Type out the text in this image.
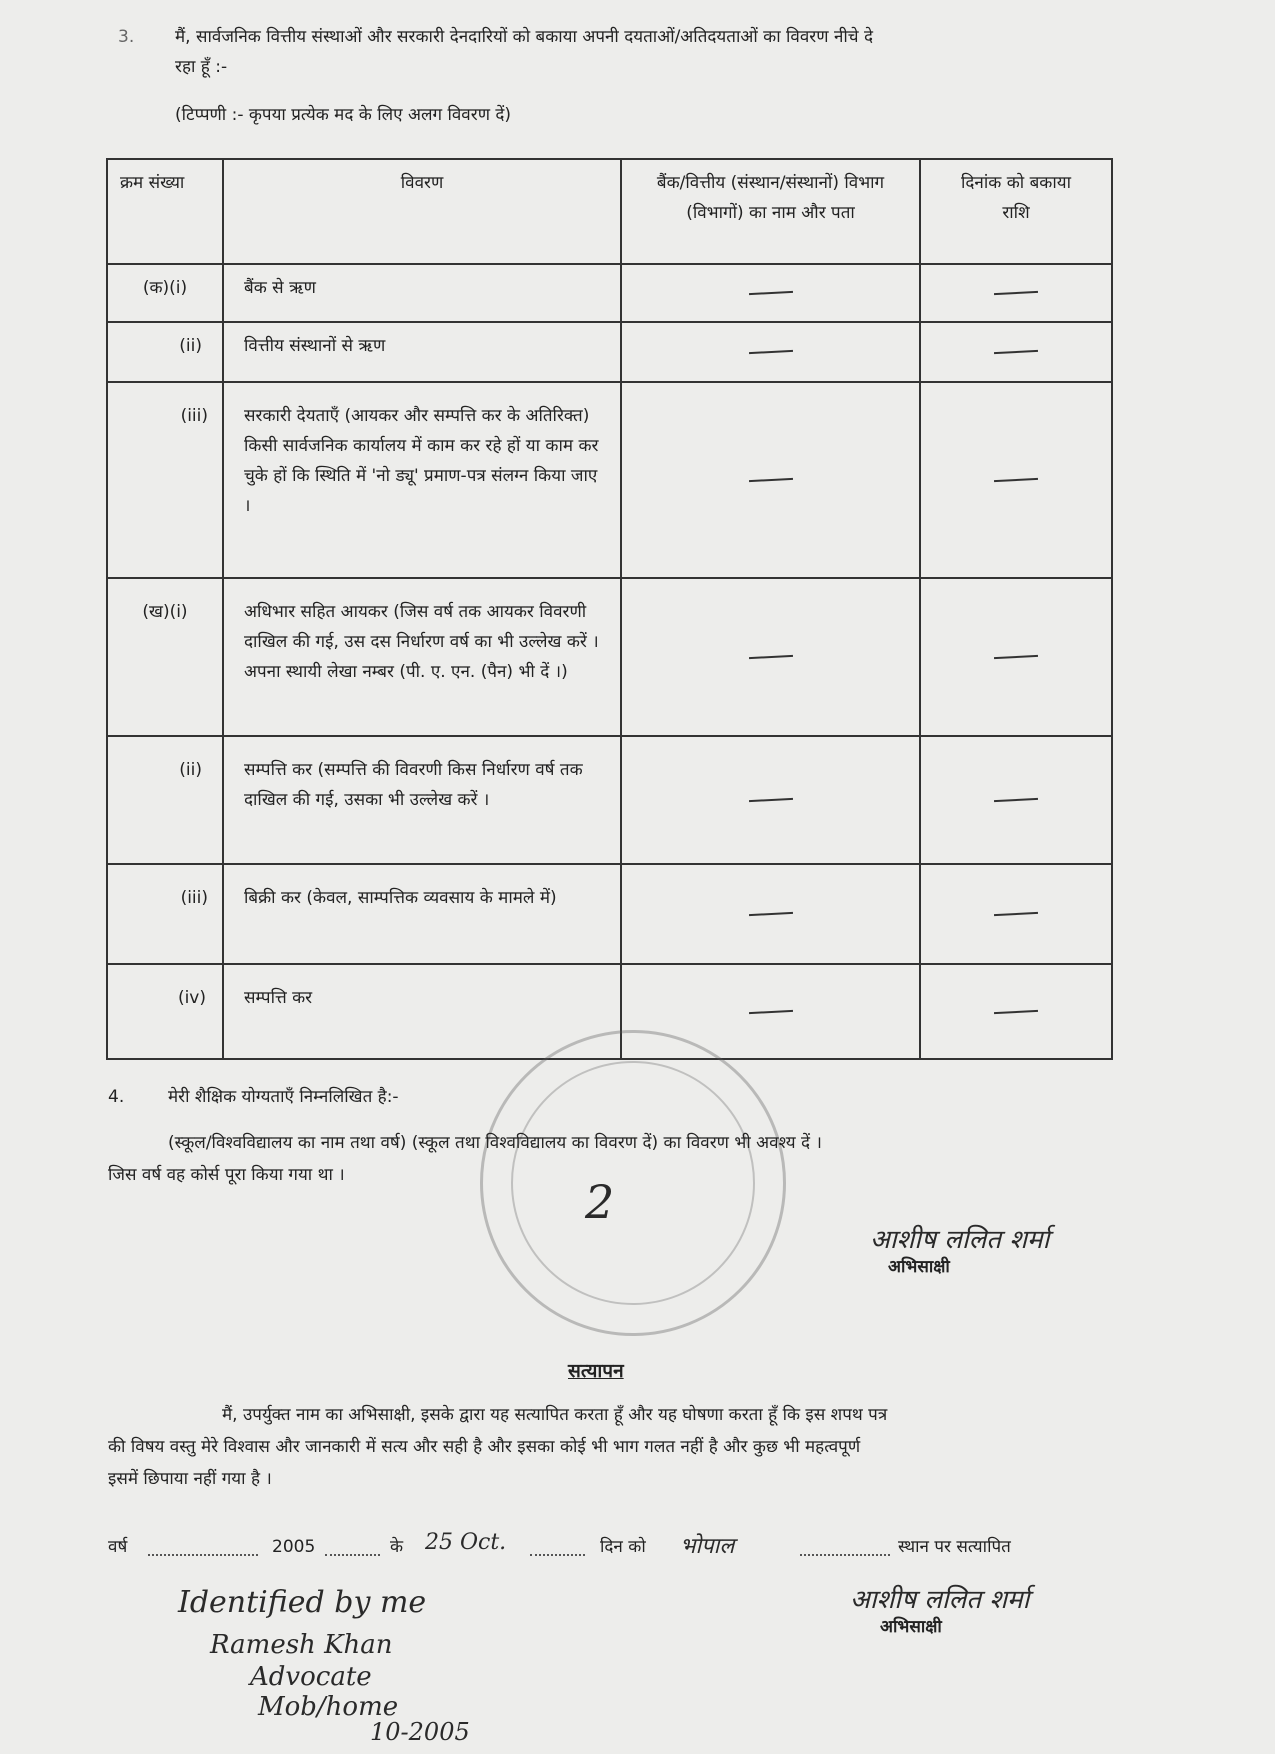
3. मैं, सार्वजनिक वित्तीय संस्थाओं और सरकारी देनदारियों को बकाया अपनी दयताओं/अतिदयताओं का विवरण नीचे दे
रहा हूँ :-
(टिप्पणी :- कृपया प्रत्येक मद के लिए अलग विवरण दें)
क्रम संख्या	विवरण	बैंक/वित्तीय (संस्थान/संस्थानों) विभाग (विभागों) का नाम और पता	दिनांक को बकाया राशि
(क)(i)	बैंक से ऋण	

(ii)	वित्तीय संस्थानों से ऋण	

(iii)	सरकारी देयताएँ (आयकर और सम्पत्ति कर के अतिरिक्त) किसी सार्वजनिक कार्यालय में काम कर रहे हों या काम कर चुके हों कि स्थिति में 'नो ड्यू' प्रमाण-पत्र संलग्न किया जाए ।	

(ख)(i)	अधिभार सहित आयकर (जिस वर्ष तक आयकर विवरणी दाखिल की गई, उस दस निर्धारण वर्ष का भी उल्लेख करें । अपना स्थायी लेखा नम्बर (पी. ए. एन. (पैन) भी दें ।)	

(ii)	सम्पत्ति कर (सम्पत्ति की विवरणी किस निर्धारण वर्ष तक दाखिल की गई, उसका भी उल्लेख करें ।	

(iii)	बिक्री कर (केवल, साम्पत्तिक व्यवसाय के मामले में)	

(iv)	सम्पत्ति कर	

2
4.	मेरी शैक्षिक योग्यताएँ निम्नलिखित है:-
(स्कूल/विश्वविद्यालय का नाम तथा वर्ष) (स्कूल तथा विश्वविद्यालय का विवरण दें) का विवरण भी अवश्य दें ।
जिस वर्ष वह कोर्स पूरा किया गया था ।
आशीष ललित शर्मा
अभिसाक्षी
सत्यापन
मैं, उपर्युक्त नाम का अभिसाक्षी, इसके द्वारा यह सत्यापित करता हूँ और यह घोषणा करता हूँ कि इस शपथ पत्र
की विषय वस्तु मेरे विश्वास और जानकारी में सत्य और सही है और इसका कोई भी भाग गलत नहीं है और कुछ भी महत्वपूर्ण
इसमें छिपाया नहीं गया है ।
वर्ष	2005	के 25 Oct.	दिन को भोपाल	स्थान पर सत्यापित
Identified by me
Ramesh Khan
Advocate
Mob/home
10-2005
आशीष ललित शर्मा
अभिसाक्षी
